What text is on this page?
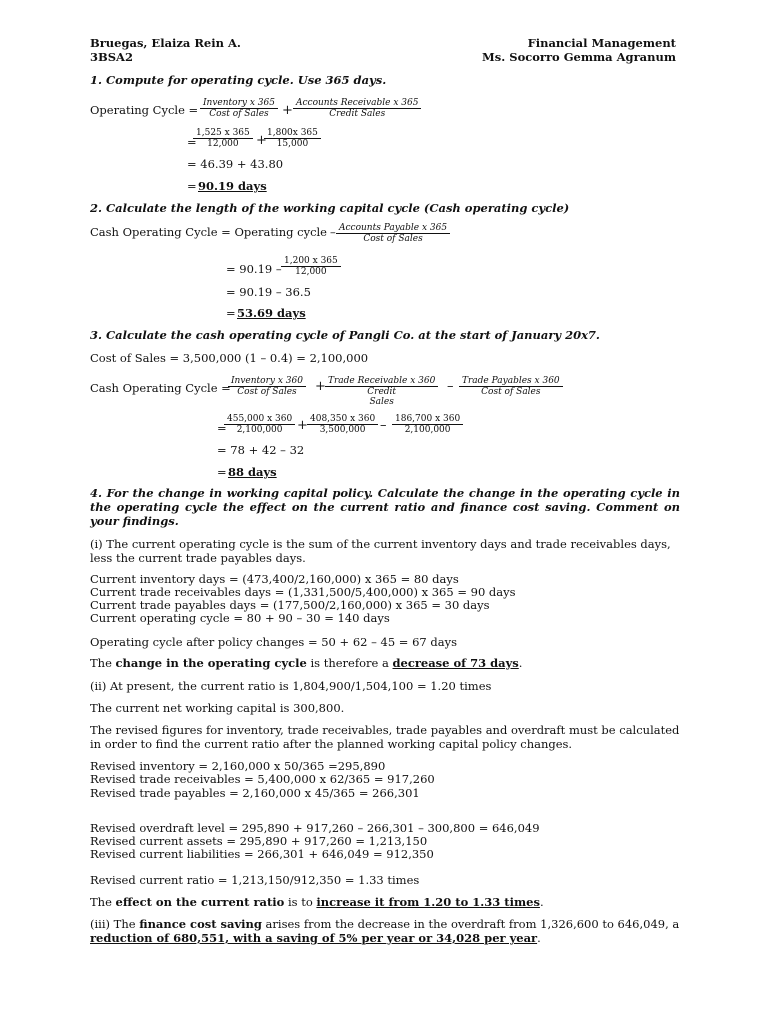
Bruegas, Elaiza Rein A.
3BSA2
Financial Management
Ms. Socorro Gemma Agranum
1. Compute for operating cycle. Use 365 days.
Operating Cycle = Inventory x 365
Cost of Sales	+ Accounts Receivable x 365
Credit Sales
=
$\frac{1,525 x 365}{12,000}$ +
$\frac{1,800x 365}{15,000}$
= 46.39 + 43.80
= 90.19 days
2. Calculate the length of the working capital cycle (Cash operating cycle)
Cash Operating Cycle = Operating cycle – Accounts Payable x 365
Cost of Sales
= $90.19 - \frac{1,200 x 365}{12,000}$
= 90.19 – 36.5
= 53.69 days
3. Calculate the cash operating cycle of Pangli Co. at the start of January 20x7.
Cost of Sales = 3,500,000 (1 – 0.4) = 2,100,000
Cash Operating Cycle = Inventory x 360
Cost of Sales	+ Trade Receivable x 360
Credit
Sales
– Trade Payables x 360
Cost of Sales
=
$\frac{455,000 x 360}{2,100,000} + \frac{408,350 x 360}{3,500,000} - \frac{186,700 x 360}{2,100,000}$
= 78 + 42 – 32
= 88 days
4. For the change in working capital policy. Calculate the change in the operating cycle in the operating cycle the effect on the current ratio and finance cost saving. Comment on your findings.
(i) The current operating cycle is the sum of the current inventory days and trade receivables days, less the current trade payables days.
Current inventory days = (473,400/2,160,000) x 365 = 80 days
Current trade receivables days = (1,331,500/5,400,000) x 365 = 90 days
Current trade payables days = (177,500/2,160,000) x 365 = 30 days
Current operating cycle = 80 + 90 – 30 = 140 days
Operating cycle after policy changes = 50 + 62 – 45 = 67 days
The change in the operating cycle is therefore a decrease of 73 days.
(ii) At present, the current ratio is 1,804,900/1,504,100 = 1.20 times
The current net working capital is 300,800.
The revised figures for inventory, trade receivables, trade payables and overdraft must be calculated in order to find the current ratio after the planned working capital policy changes.
Revised inventory = 2,160,000 x 50/365 =295,890
Revised trade receivables = 5,400,000 x 62/365 = 917,260
Revised trade payables = 2,160,000 x 45/365 = 266,301
Revised overdraft level = 295,890 + 917,260 – 266,301 – 300,800 = 646,049
Revised current assets = 295,890 + 917,260 = 1,213,150
Revised current liabilities = 266,301 + 646,049 = 912,350
Revised current ratio = 1,213,150/912,350 = 1.33 times
The effect on the current ratio is to increase it from 1.20 to 1.33 times.
(iii) The finance cost saving arises from the decrease in the overdraft from 1,326,600 to 646,049, a reduction of 680,551, with a saving of 5% per year or 34,028 per year.
